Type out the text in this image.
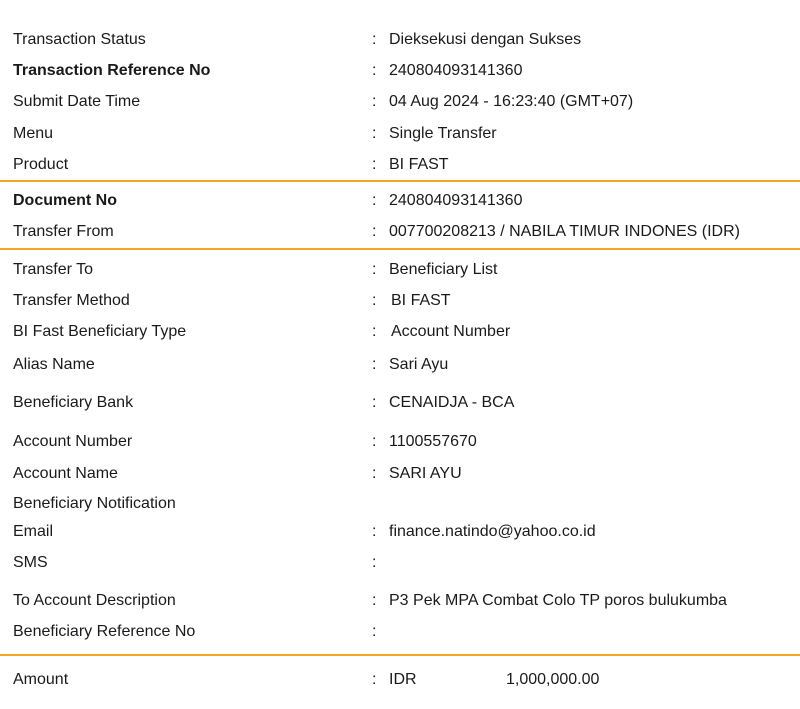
Transaction Status	: Dieksekusi dengan Sukses
Transaction Reference No	: 240804093141360
Submit Date Time	: 04 Aug 2024 - 16:23:40 (GMT+07)
Menu	: Single Transfer
Product	: BI FAST
Document No	: 240804093141360
Transfer From	: 007700208213 / NABILA TIMUR INDONES (IDR)
Transfer To	: Beneficiary List
Transfer Method	: BI FAST
BI Fast Beneficiary Type	: Account Number
Alias Name	: Sari Ayu
Beneficiary Bank	: CENAIDJA - BCA
Account Number	: 1100557670
Account Name	: SARI AYU
Beneficiary Notification
Email	: finance.natindo@yahoo.co.id
SMS	:
To Account Description	: P3 Pek MPA Combat Colo TP poros bulukumba
Beneficiary Reference No	:
Amount	: IDR	1,000,000.00
